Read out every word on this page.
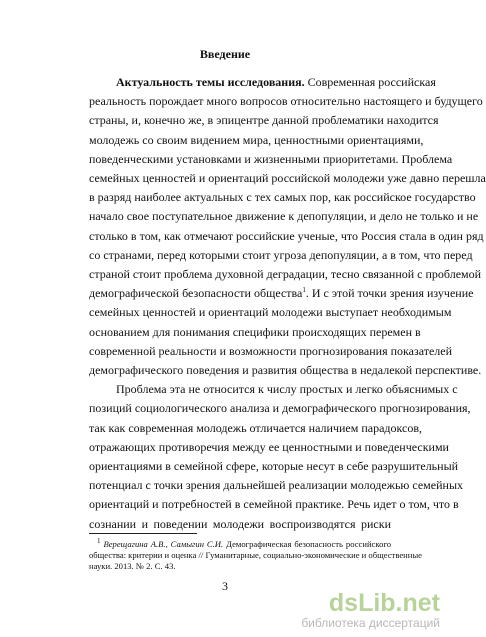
Введение
Актуальность темы исследования. Современная российская
реальность порождает много вопросов относительно настоящего и будущего
страны, и, конечно же, в эпицентре данной проблематики находится
молодежь со своим видением мира, ценностными ориентациями,
поведенческими установками и жизненными приоритетами. Проблема
семейных ценностей и ориентаций российской молодежи уже давно перешла
в разряд наиболее актуальных с тех самых пор, как российское государство
начало свое поступательное движение к депопуляции, и дело не только и не
столько в том, как отмечают российские ученые, что Россия стала в один ряд
со странами, перед которыми стоит угроза депопуляции, а в том, что перед
страной стоит проблема духовной деградации, тесно связанной с проблемой
демографической безопасности общества$^1$. И с этой точки зрения изучение
семейных ценностей и ориентаций молодежи выступает необходимым
основанием для понимания специфики происходящих перемен в
современной реальности и возможности прогнозирования показателей
демографического поведения и развития общества в недалекой перспективе.
Проблема эта не относится к числу простых и легко объяснимых с
позиций социологического анализа и демографического прогнозирования,
так как современная молодежь отличается наличием парадоксов,
отражающих противоречия между ее ценностными и поведенческими
ориентациями в семейной сфере, которые несут в себе разрушительный
потенциал с точки зрения дальнейшей реализации молодежью семейных
ориентаций и потребностей в семейной практике. Речь идет о том, что в
сознании и поведении молодежи воспроизводятся риски
$^1$ Верещагина А.В., Самыгин С.И. Демографическая безопасность российского
общества: критерии и оценка // Гуманитарные, социально-экономические и общественные
науки. 2013. № 2. С. 43.
3
dsLib.net
библиотека диссертаций
